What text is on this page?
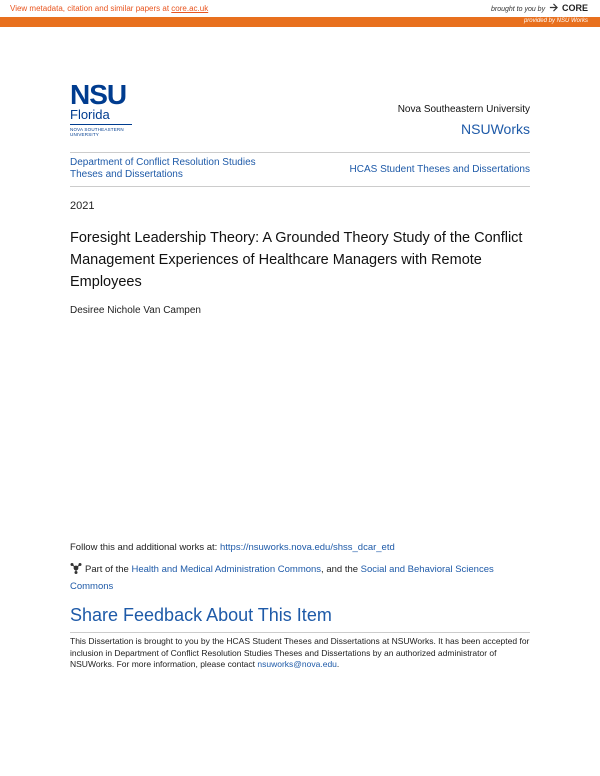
View metadata, citation and similar papers at core.ac.uk	brought to you by CORE
provided by NSU Works
NSU
Florida
NOVA SOUTHEASTERN
UNIVERSITY
Nova Southeastern University
NSUWorks
Department of Conflict Resolution Studies Theses and Dissertations	HCAS Student Theses and Dissertations
2021
Foresight Leadership Theory: A Grounded Theory Study of the Conflict Management Experiences of Healthcare Managers with Remote Employees
Desiree Nichole Van Campen
Follow this and additional works at: https://nsuworks.nova.edu/shss_dcar_etd
Part of the Health and Medical Administration Commons, and the Social and Behavioral Sciences Commons
Share Feedback About This Item
This Dissertation is brought to you by the HCAS Student Theses and Dissertations at NSUWorks. It has been accepted for inclusion in Department of Conflict Resolution Studies Theses and Dissertations by an authorized administrator of NSUWorks. For more information, please contact nsuworks@nova.edu.
